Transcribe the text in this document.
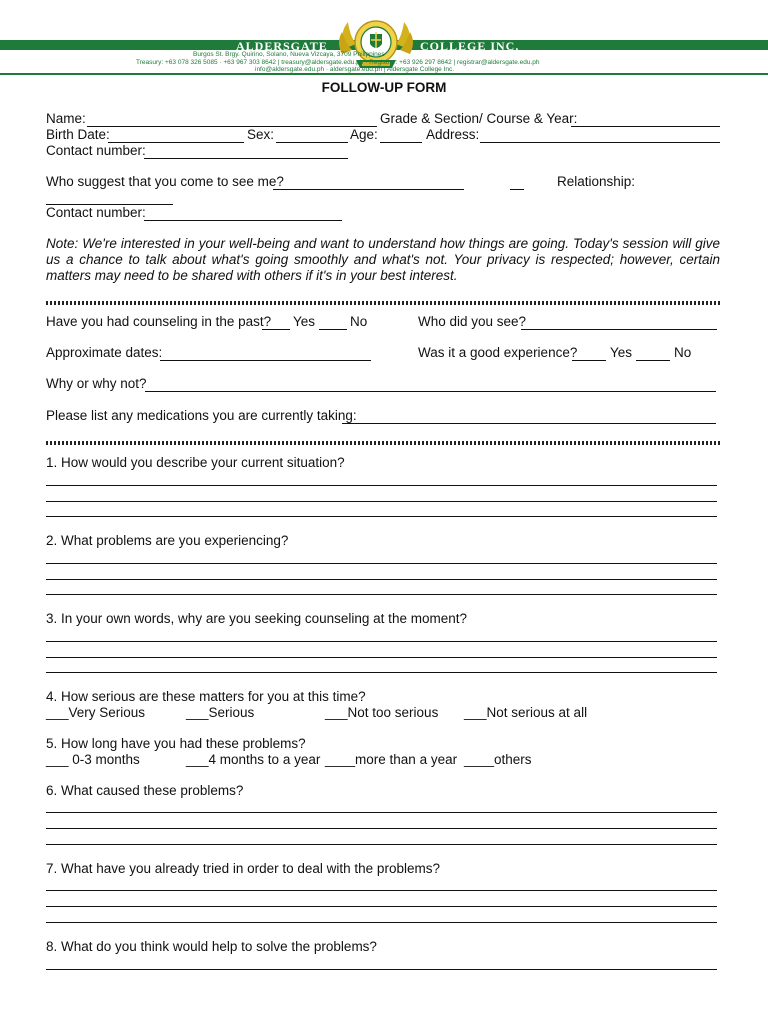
ALDERSGATE	COLLEGE INC.
Burgos St. Brgy. Quirino, Solano, Nueva Vizcaya, 3709 Philippines
Treasury: +63 078 326 5085 · +63 967 303 8642 | treasury@aldersgate.edu.ph · Registrar: +63 926 297 8642 | registrar@aldersgate.edu.ph
info@aldersgate.edu.ph · aldersgate.edu.ph | Aldersgate College Inc.
FOLLOW-UP FORM
Name:	Grade & Section/ Course & Year:
Birth Date:	Sex:	Age:	Address:
Contact number:
Who suggest that you come to see me?	Relationship:
Contact number:
Note: We're interested in your well-being and want to understand how things are going. Today's session will give us a chance to talk about what's going smoothly and what's not. Your privacy is respected; however, certain matters may need to be shared with others if it's in your best interest.
Have you had counseling in the past? Yes	No	Who did you see?
Approximate dates:	Was it a good experience? Yes	No
Why or why not?
Please list any medications you are currently taking:
1. How would you describe your current situation?
2. What problems are you experiencing?
3. In your own words, why are you seeking counseling at the moment?
4. How serious are these matters for you at this time?
___Very Serious	___Serious	___Not too serious ___Not serious at all
5. How long have you had these problems?
___ 0-3 months	___4 months to a year ____more than a year ____others
6. What caused these problems?
7. What have you already tried in order to deal with the problems?
8. What do you think would help to solve the problems?
